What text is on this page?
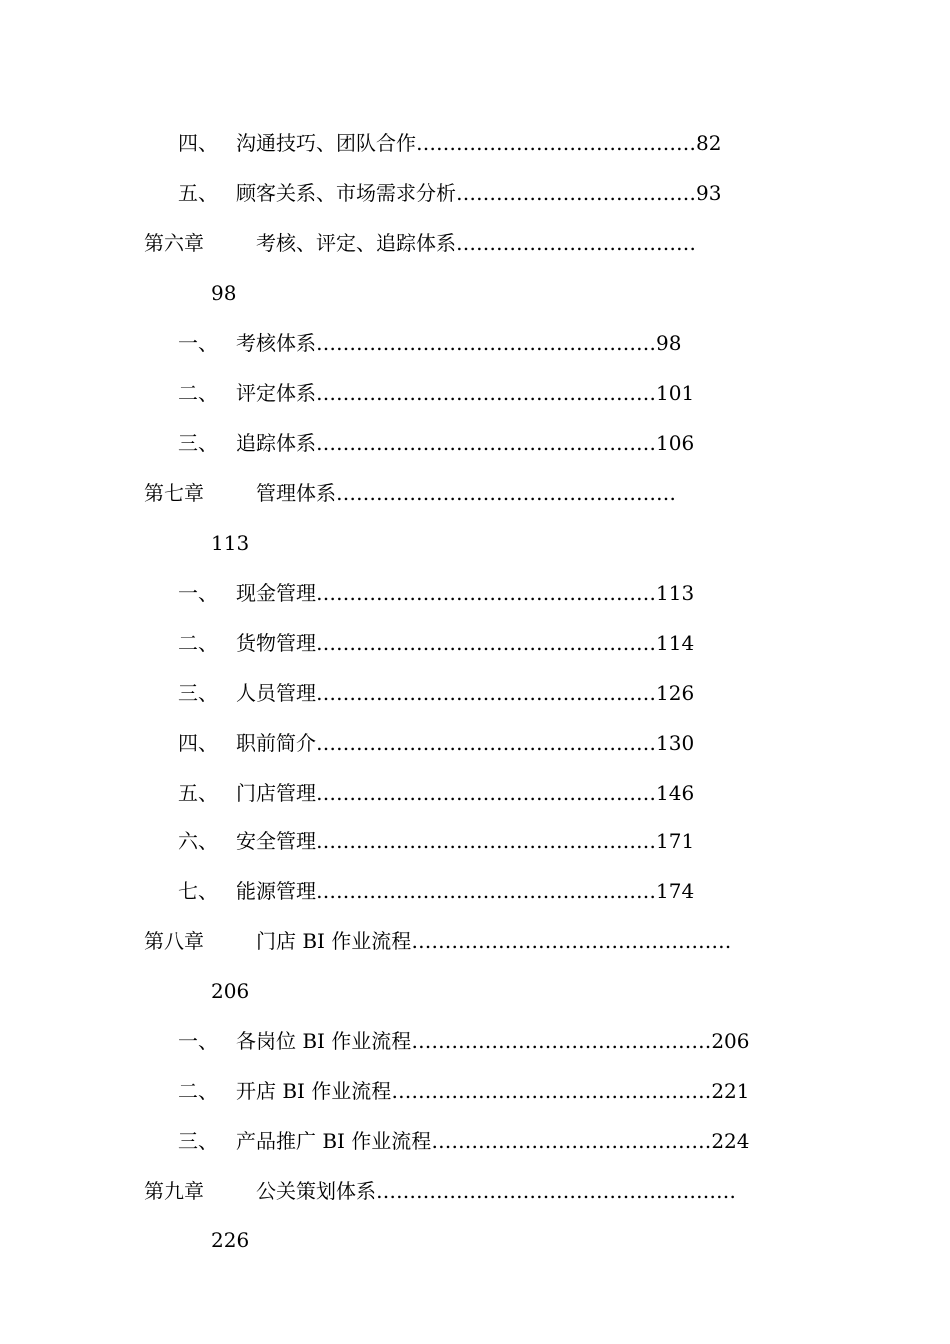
四、 沟通技巧、团队合作……………………………………82
五、 顾客关系、市场需求分析………………………………93
第六章	考核、评定、追踪体系………………………………
98
一、 考核体系……………………………………………98
二、 评定体系……………………………………………101
三、 追踪体系……………………………………………106
第七章	管理体系……………………………………………
113
一、 现金管理……………………………………………113
二、 货物管理……………………………………………114
三、 人员管理……………………………………………126
四、 职前简介……………………………………………130
五、 门店管理……………………………………………146
六、 安全管理……………………………………………171
七、 能源管理……………………………………………174
第八章	门店 BI 作业流程…………………………………………
206
一、 各岗位 BI 作业流程………………………………………206
二、 开店 BI 作业流程…………………………………………221
三、 产品推广 BI 作业流程……………………………………224
第九章	公关策划体系………………………………………………
226
